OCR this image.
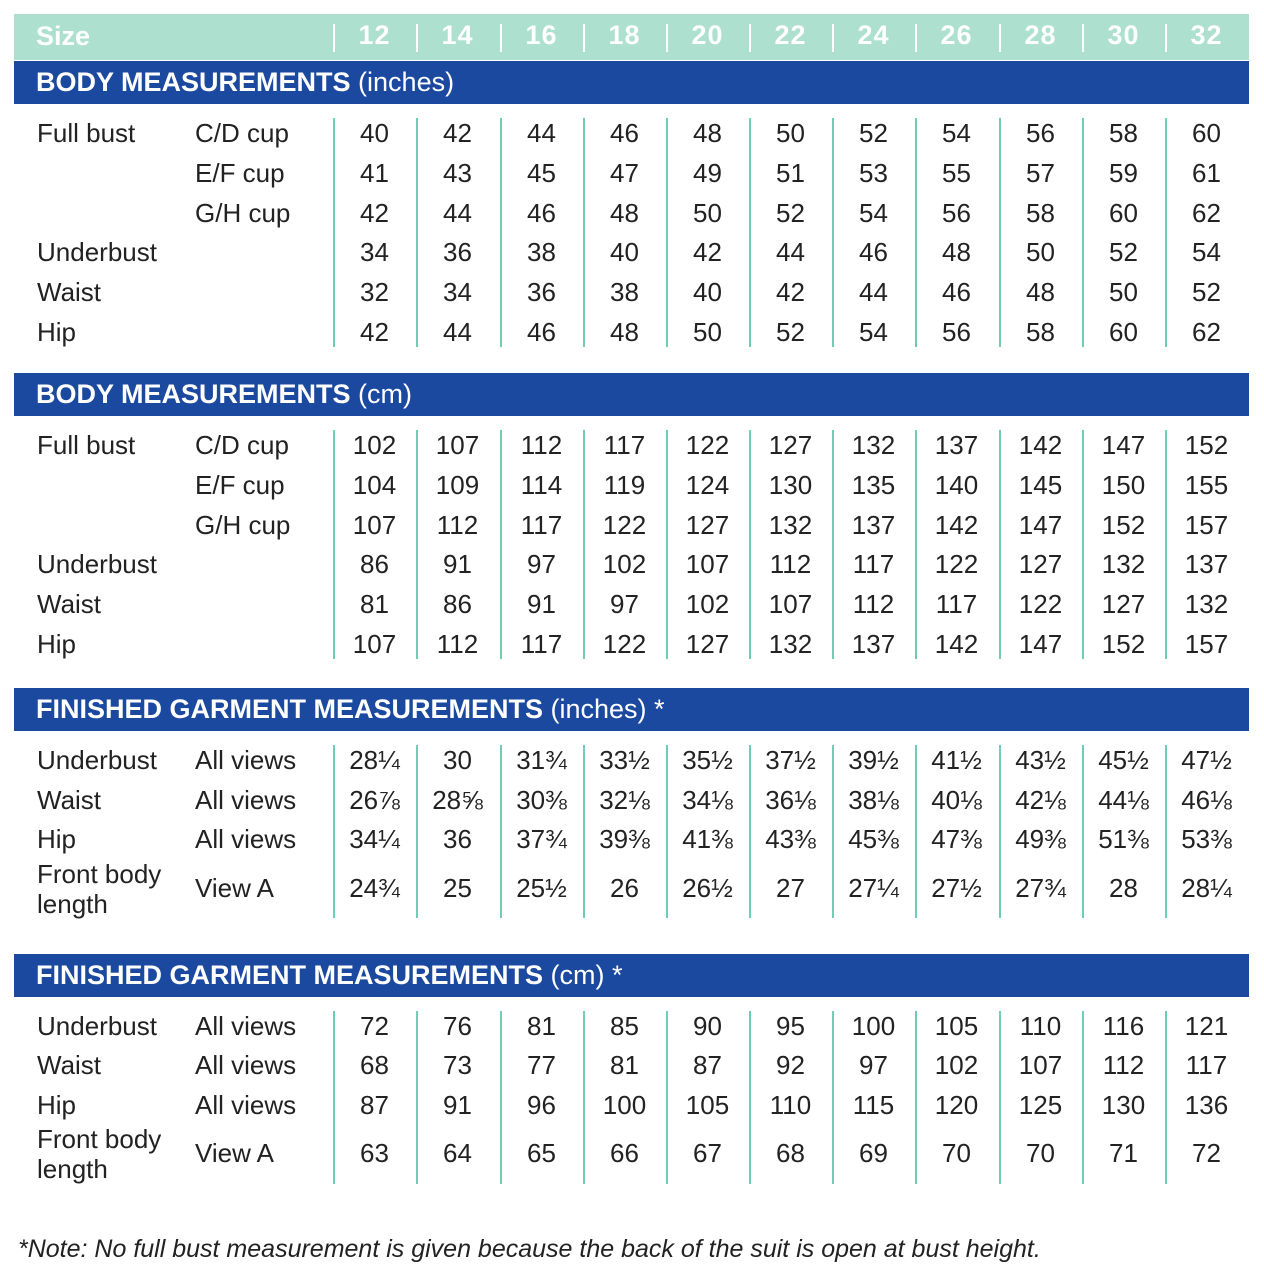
Size	12	14	16	18	20	22	24	26	28	30	32
BODY MEASUREMENTS (inches)
Full bust C/D cup	40	42	44	46	48	50	52	54	56	58	60
E/F cup	41	43	45	47	49	51	53	55	57	59	61
G/H cup	42	44	46	48	50	52	54	56	58	60	62
Underbust	34	36	38	40	42	44	46	48	50	52	54
Waist	32	34	36	38	40	42	44	46	48	50	52
Hip	42	44	46	48	50	52	54	56	58	60	62
BODY MEASUREMENTS (cm)
Full bust C/D cup	102	107	112	117	122	127	132	137	142	147	152
E/F cup	104	109	114	119	124	130	135	140	145	150	155
G/H cup	107	112	117	122	127	132	137	142	147	152	157
Underbust	86	91	97	102	107	112	117	122	127	132	137
Waist	81	86	91	97	102	107	112	117	122	127	132
Hip	107	112	117	122	127	132	137	142	147	152	157
FINISHED GARMENT MEASUREMENTS (inches) *
Underbust All views	28¼	30	31¾	33½	35½	37½	39½	41½	43½	45½	47½
Waist	All views	26⅞	28⅝	30⅜	32⅛	34⅛	36⅛	38⅛	40⅛	42⅛	44⅛	46⅛
Hip	All views	34¼	36	37¾	39⅜	41⅜	43⅜	45⅜	47⅜	49⅜	51⅜	53⅜
Front body
length
View A	24¾	25	25½	26	26½	27	27¼	27½	27¾	28	28¼
FINISHED GARMENT MEASUREMENTS (cm) *
Underbust All views	72	76	81	85	90	95	100	105	110	116	121
Waist	All views	68	73	77	81	87	92	97	102	107	112	117
Hip	All views	87	91	96	100	105	110	115	120	125	130	136
Front body
length
View A	63	64	65	66	67	68	69	70	70	71	72
*Note: No full bust measurement is given because the back of the suit is open at bust height.
